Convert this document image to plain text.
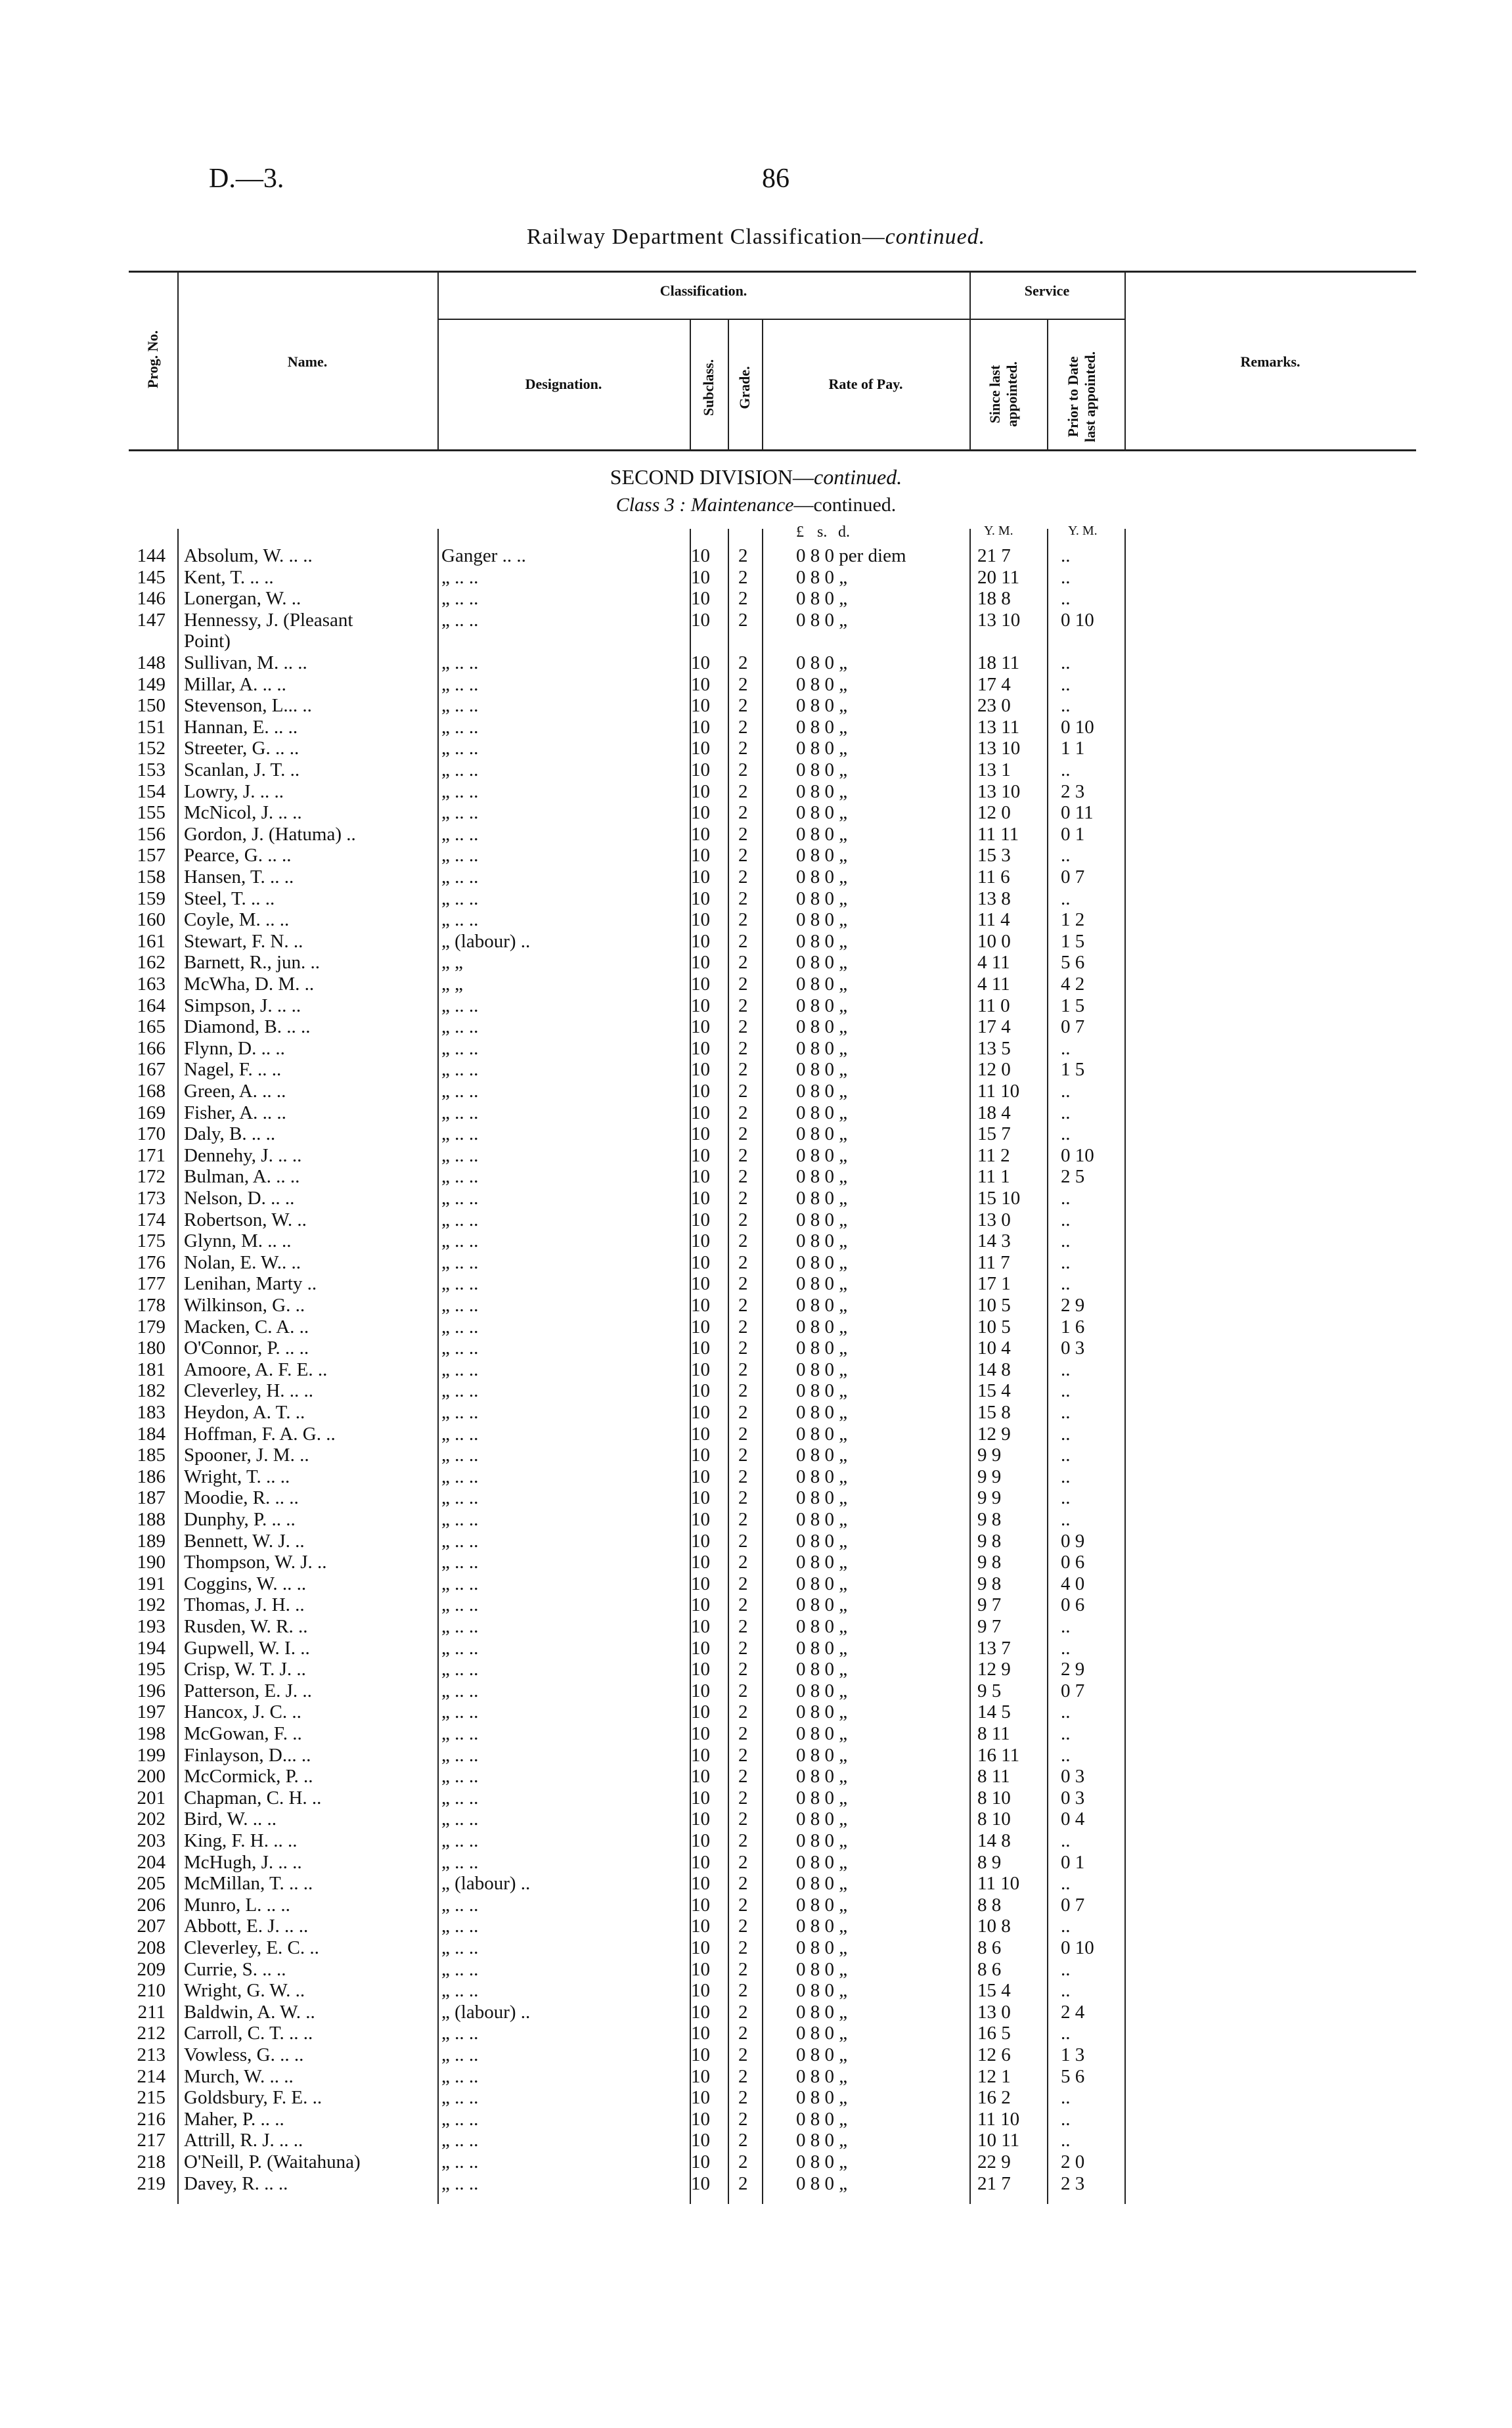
D.—3.	86
Railway Department Classification—continued.
Prog. No.	Name.
Classification.
Designation.	Subclass. Grade.	Rate of Pay.
Service
Since last appointed.	Prior to Date last appointed.	Remarks.
SECOND DIVISION—continued.
Class 3 : Maintenance—continued.
£ s. d.	Y. M.	Y. M.
144 Absolum, W. .. ..	Ganger .. ..	10 2	0 8 0 per diem	21 7	..
145 Kent, T. .. ..	„ .. ..	10 2	0 8 0 „	20 11	..
146 Lonergan, W. ..	„ .. ..	10 2	0 8 0 „	18 8	..
147 Hennessy, J. (Pleasant	„ .. ..	10 2	0 8 0 „	13 10	0 10
Point)
148 Sullivan, M. .. ..	„ .. ..	10 2	0 8 0 „	18 11	..
149 Millar, A. .. ..	„ .. ..	10 2	0 8 0 „	17 4	..
150 Stevenson, L... ..	„ .. ..	10 2	0 8 0 „	23 0	..
151 Hannan, E. .. ..	„ .. ..	10 2	0 8 0 „	13 11	0 10
152 Streeter, G. .. ..	„ .. ..	10 2	0 8 0 „	13 10	1 1
153 Scanlan, J. T. ..	„ .. ..	10 2	0 8 0 „	13 1	..
154 Lowry, J. .. ..	„ .. ..	10 2	0 8 0 „	13 10	2 3
155 McNicol, J. .. ..	„ .. ..	10 2	0 8 0 „	12 0	0 11
156 Gordon, J. (Hatuma) ..	„ .. ..	10 2	0 8 0 „	11 11	0 1
157 Pearce, G. .. ..	„ .. ..	10 2	0 8 0 „	15 3	..
158 Hansen, T. .. ..	„ .. ..	10 2	0 8 0 „	11 6	0 7
159 Steel, T. .. ..	„ .. ..	10 2	0 8 0 „	13 8	..
160 Coyle, M. .. ..	„ .. ..	10 2	0 8 0 „	11 4	1 2
161 Stewart, F. N. ..	„ (labour) ..	10 2	0 8 0 „	10 0	1 5
162 Barnett, R., jun. ..	„ „	10 2	0 8 0 „	4 11	5 6
163 McWha, D. M. ..	„ „	10 2	0 8 0 „	4 11	4 2
164 Simpson, J. .. ..	„ .. ..	10 2	0 8 0 „	11 0	1 5
165 Diamond, B. .. ..	„ .. ..	10 2	0 8 0 „	17 4	0 7
166 Flynn, D. .. ..	„ .. ..	10 2	0 8 0 „	13 5	..
167 Nagel, F. .. ..	„ .. ..	10 2	0 8 0 „	12 0	1 5
168 Green, A. .. ..	„ .. ..	10 2	0 8 0 „	11 10	..
169 Fisher, A. .. ..	„ .. ..	10 2	0 8 0 „	18 4	..
170 Daly, B. .. ..	„ .. ..	10 2	0 8 0 „	15 7	..
171 Dennehy, J. .. ..	„ .. ..	10 2	0 8 0 „	11 2	0 10
172 Bulman, A. .. ..	„ .. ..	10 2	0 8 0 „	11 1	2 5
173 Nelson, D. .. ..	„ .. ..	10 2	0 8 0 „	15 10	..
174 Robertson, W. ..	„ .. ..	10 2	0 8 0 „	13 0	..
175 Glynn, M. .. ..	„ .. ..	10 2	0 8 0 „	14 3	..
176 Nolan, E. W.. ..	„ .. ..	10 2	0 8 0 „	11 7	..
177 Lenihan, Marty ..	„ .. ..	10 2	0 8 0 „	17 1	..
178 Wilkinson, G. ..	„ .. ..	10 2	0 8 0 „	10 5	2 9
179 Macken, C. A. ..	„ .. ..	10 2	0 8 0 „	10 5	1 6
180 O'Connor, P. .. ..	„ .. ..	10 2	0 8 0 „	10 4	0 3
181 Amoore, A. F. E. ..	„ .. ..	10 2	0 8 0 „	14 8	..
182 Cleverley, H. .. ..	„ .. ..	10 2	0 8 0 „	15 4	..
183 Heydon, A. T. ..	„ .. ..	10 2	0 8 0 „	15 8	..
184 Hoffman, F. A. G. ..	„ .. ..	10 2	0 8 0 „	12 9	..
185 Spooner, J. M. ..	„ .. ..	10 2	0 8 0 „	9 9	..
186 Wright, T. .. ..	„ .. ..	10 2	0 8 0 „	9 9	..
187 Moodie, R. .. ..	„ .. ..	10 2	0 8 0 „	9 9	..
188 Dunphy, P. .. ..	„ .. ..	10 2	0 8 0 „	9 8	..
189 Bennett, W. J. ..	„ .. ..	10 2	0 8 0 „	9 8	0 9
190 Thompson, W. J. ..	„ .. ..	10 2	0 8 0 „	9 8	0 6
191 Coggins, W. .. ..	„ .. ..	10 2	0 8 0 „	9 8	4 0
192 Thomas, J. H. ..	„ .. ..	10 2	0 8 0 „	9 7	0 6
193 Rusden, W. R. ..	„ .. ..	10 2	0 8 0 „	9 7	..
194 Gupwell, W. I. ..	„ .. ..	10 2	0 8 0 „	13 7	..
195 Crisp, W. T. J. ..	„ .. ..	10 2	0 8 0 „	12 9	2 9
196 Patterson, E. J. ..	„ .. ..	10 2	0 8 0 „	9 5	0 7
197 Hancox, J. C. ..	„ .. ..	10 2	0 8 0 „	14 5	..
198 McGowan, F. ..	„ .. ..	10 2	0 8 0 „	8 11	..
199 Finlayson, D... ..	„ .. ..	10 2	0 8 0 „	16 11	..
200 McCormick, P. ..	„ .. ..	10 2	0 8 0 „	8 11	0 3
201 Chapman, C. H. ..	„ .. ..	10 2	0 8 0 „	8 10	0 3
202 Bird, W. .. ..	„ .. ..	10 2	0 8 0 „	8 10	0 4
203 King, F. H. .. ..	„ .. ..	10 2	0 8 0 „	14 8	..
204 McHugh, J. .. ..	„ .. ..	10 2	0 8 0 „	8 9	0 1
205 McMillan, T. .. ..	„ (labour) ..	10 2	0 8 0 „	11 10	..
206 Munro, L. .. ..	„ .. ..	10 2	0 8 0 „	8 8	0 7
207 Abbott, E. J. .. ..	„ .. ..	10 2	0 8 0 „	10 8	..
208 Cleverley, E. C. ..	„ .. ..	10 2	0 8 0 „	8 6	0 10
209 Currie, S. .. ..	„ .. ..	10 2	0 8 0 „	8 6	..
210 Wright, G. W. ..	„ .. ..	10 2	0 8 0 „	15 4	..
211 Baldwin, A. W. ..	„ (labour) ..	10 2	0 8 0 „	13 0	2 4
212 Carroll, C. T. .. ..	„ .. ..	10 2	0 8 0 „	16 5	..
213 Vowless, G. .. ..	„ .. ..	10 2	0 8 0 „	12 6	1 3
214 Murch, W. .. ..	„ .. ..	10 2	0 8 0 „	12 1	5 6
215 Goldsbury, F. E. ..	„ .. ..	10 2	0 8 0 „	16 2	..
216 Maher, P. .. ..	„ .. ..	10 2	0 8 0 „	11 10	..
217 Attrill, R. J. .. ..	„ .. ..	10 2	0 8 0 „	10 11	..
218 O'Neill, P. (Waitahuna)	„ .. ..	10 2	0 8 0 „	22 9	2 0
219 Davey, R. .. ..	„ .. ..	10 2	0 8 0 „	21 7	2 3
